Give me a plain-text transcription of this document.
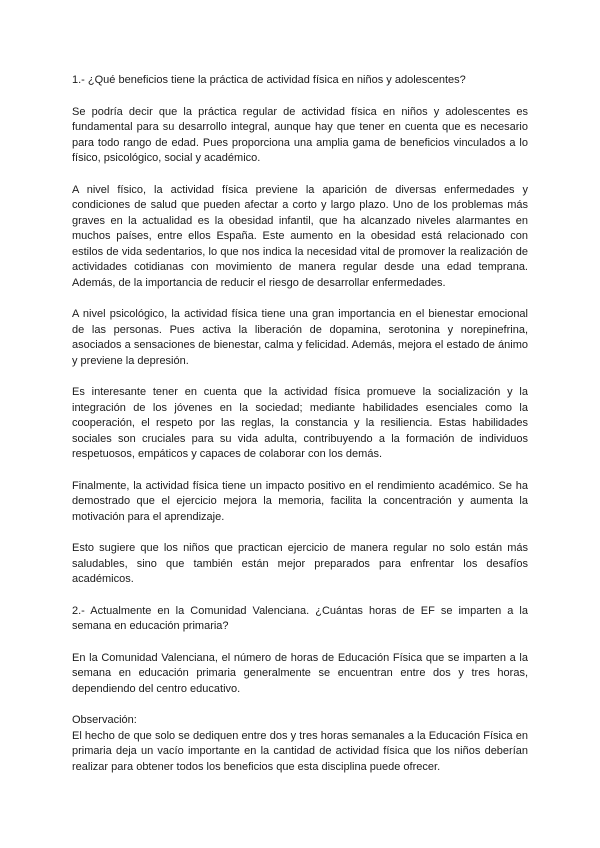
1.- ¿Qué beneficios tiene la práctica de actividad física en niños y adolescentes?

Se podría decir que la práctica regular de actividad física en niños y adolescentes es fundamental para su desarrollo integral, aunque hay que tener en cuenta que es necesario para todo rango de edad. Pues proporciona una amplia gama de beneficios vinculados a lo físico, psicológico, social y académico.

A nivel físico, la actividad física previene la aparición de diversas enfermedades y condiciones de salud que pueden afectar a corto y largo plazo. Uno de los problemas más graves en la actualidad es la obesidad infantil, que ha alcanzado niveles alarmantes en muchos países, entre ellos España. Este aumento en la obesidad está relacionado con estilos de vida sedentarios, lo que nos indica la necesidad vital de promover la realización de actividades cotidianas con movimiento de manera regular desde una edad temprana. Además, de la importancia de reducir el riesgo de desarrollar enfermedades.

A nivel psicológico, la actividad física tiene una gran importancia en el bienestar emocional de las personas. Pues activa la liberación de dopamina, serotonina y norepinefrina, asociados a sensaciones de bienestar, calma y felicidad. Además, mejora el estado de ánimo y previene la depresión.

Es interesante tener en cuenta que la actividad física promueve la socialización y la integración de los jóvenes en la sociedad; mediante habilidades esenciales como la cooperación, el respeto por las reglas, la constancia y la resiliencia. Estas habilidades sociales son cruciales para su vida adulta, contribuyendo a la formación de individuos respetuosos, empáticos y capaces de colaborar con los demás.

Finalmente, la actividad física tiene un impacto positivo en el rendimiento académico. Se ha demostrado que el ejercicio mejora la memoria, facilita la concentración y aumenta la motivación para el aprendizaje.

Esto sugiere que los niños que practican ejercicio de manera regular no solo están más saludables, sino que también están mejor preparados para enfrentar los desafíos académicos.

2.- Actualmente en la Comunidad Valenciana. ¿Cuántas horas de EF se imparten a la semana en educación primaria?

En la Comunidad Valenciana, el número de horas de Educación Física que se imparten a la semana en educación primaria generalmente se encuentran entre dos y tres horas, dependiendo del centro educativo.

Observación:
El hecho de que solo se dediquen entre dos y tres horas semanales a la Educación Física en primaria deja un vacío importante en la cantidad de actividad física que los niños deberían realizar para obtener todos los beneficios que esta disciplina puede ofrecer.
